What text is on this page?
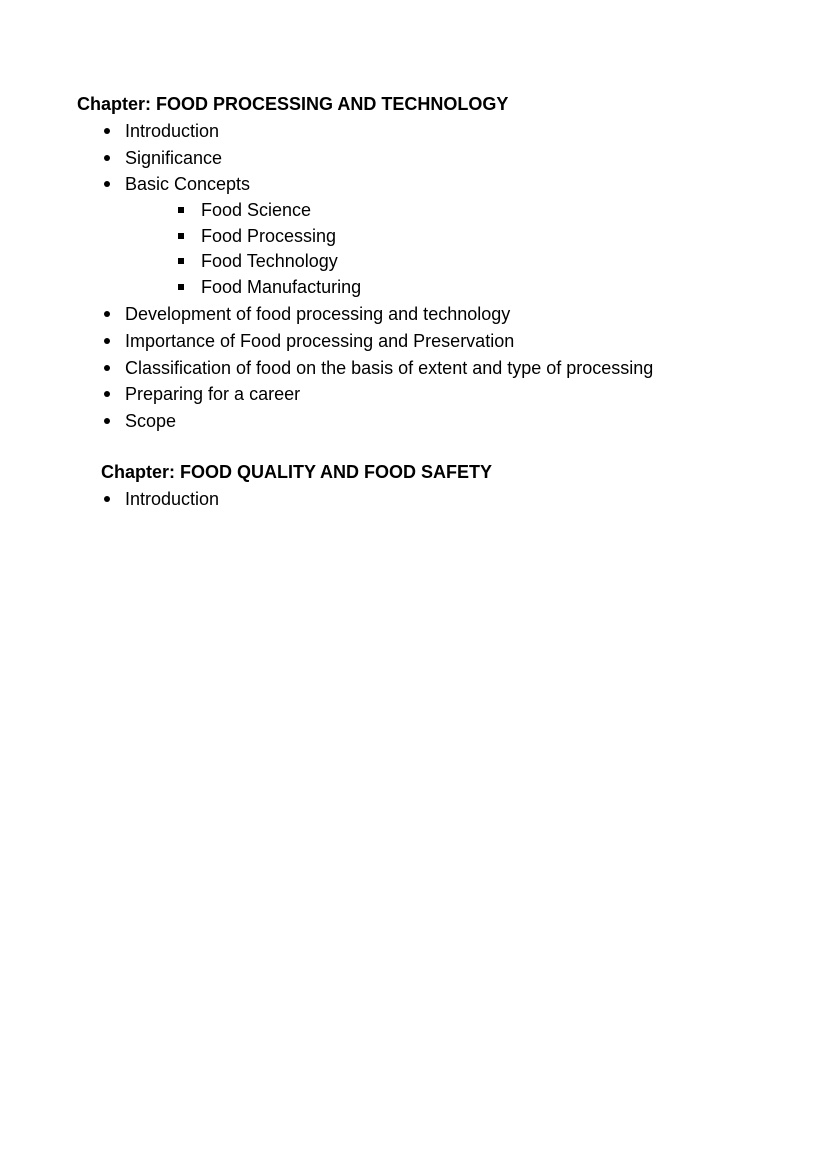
Chapter: FOOD PROCESSING AND TECHNOLOGY
Introduction
Significance
Basic Concepts
Food Science
Food Processing
Food Technology
Food Manufacturing
Development of food processing and technology
Importance of Food processing and Preservation
Classification of food on the basis of extent and type of processing
Preparing for a career
Scope
Chapter: FOOD QUALITY AND FOOD SAFETY
Introduction
